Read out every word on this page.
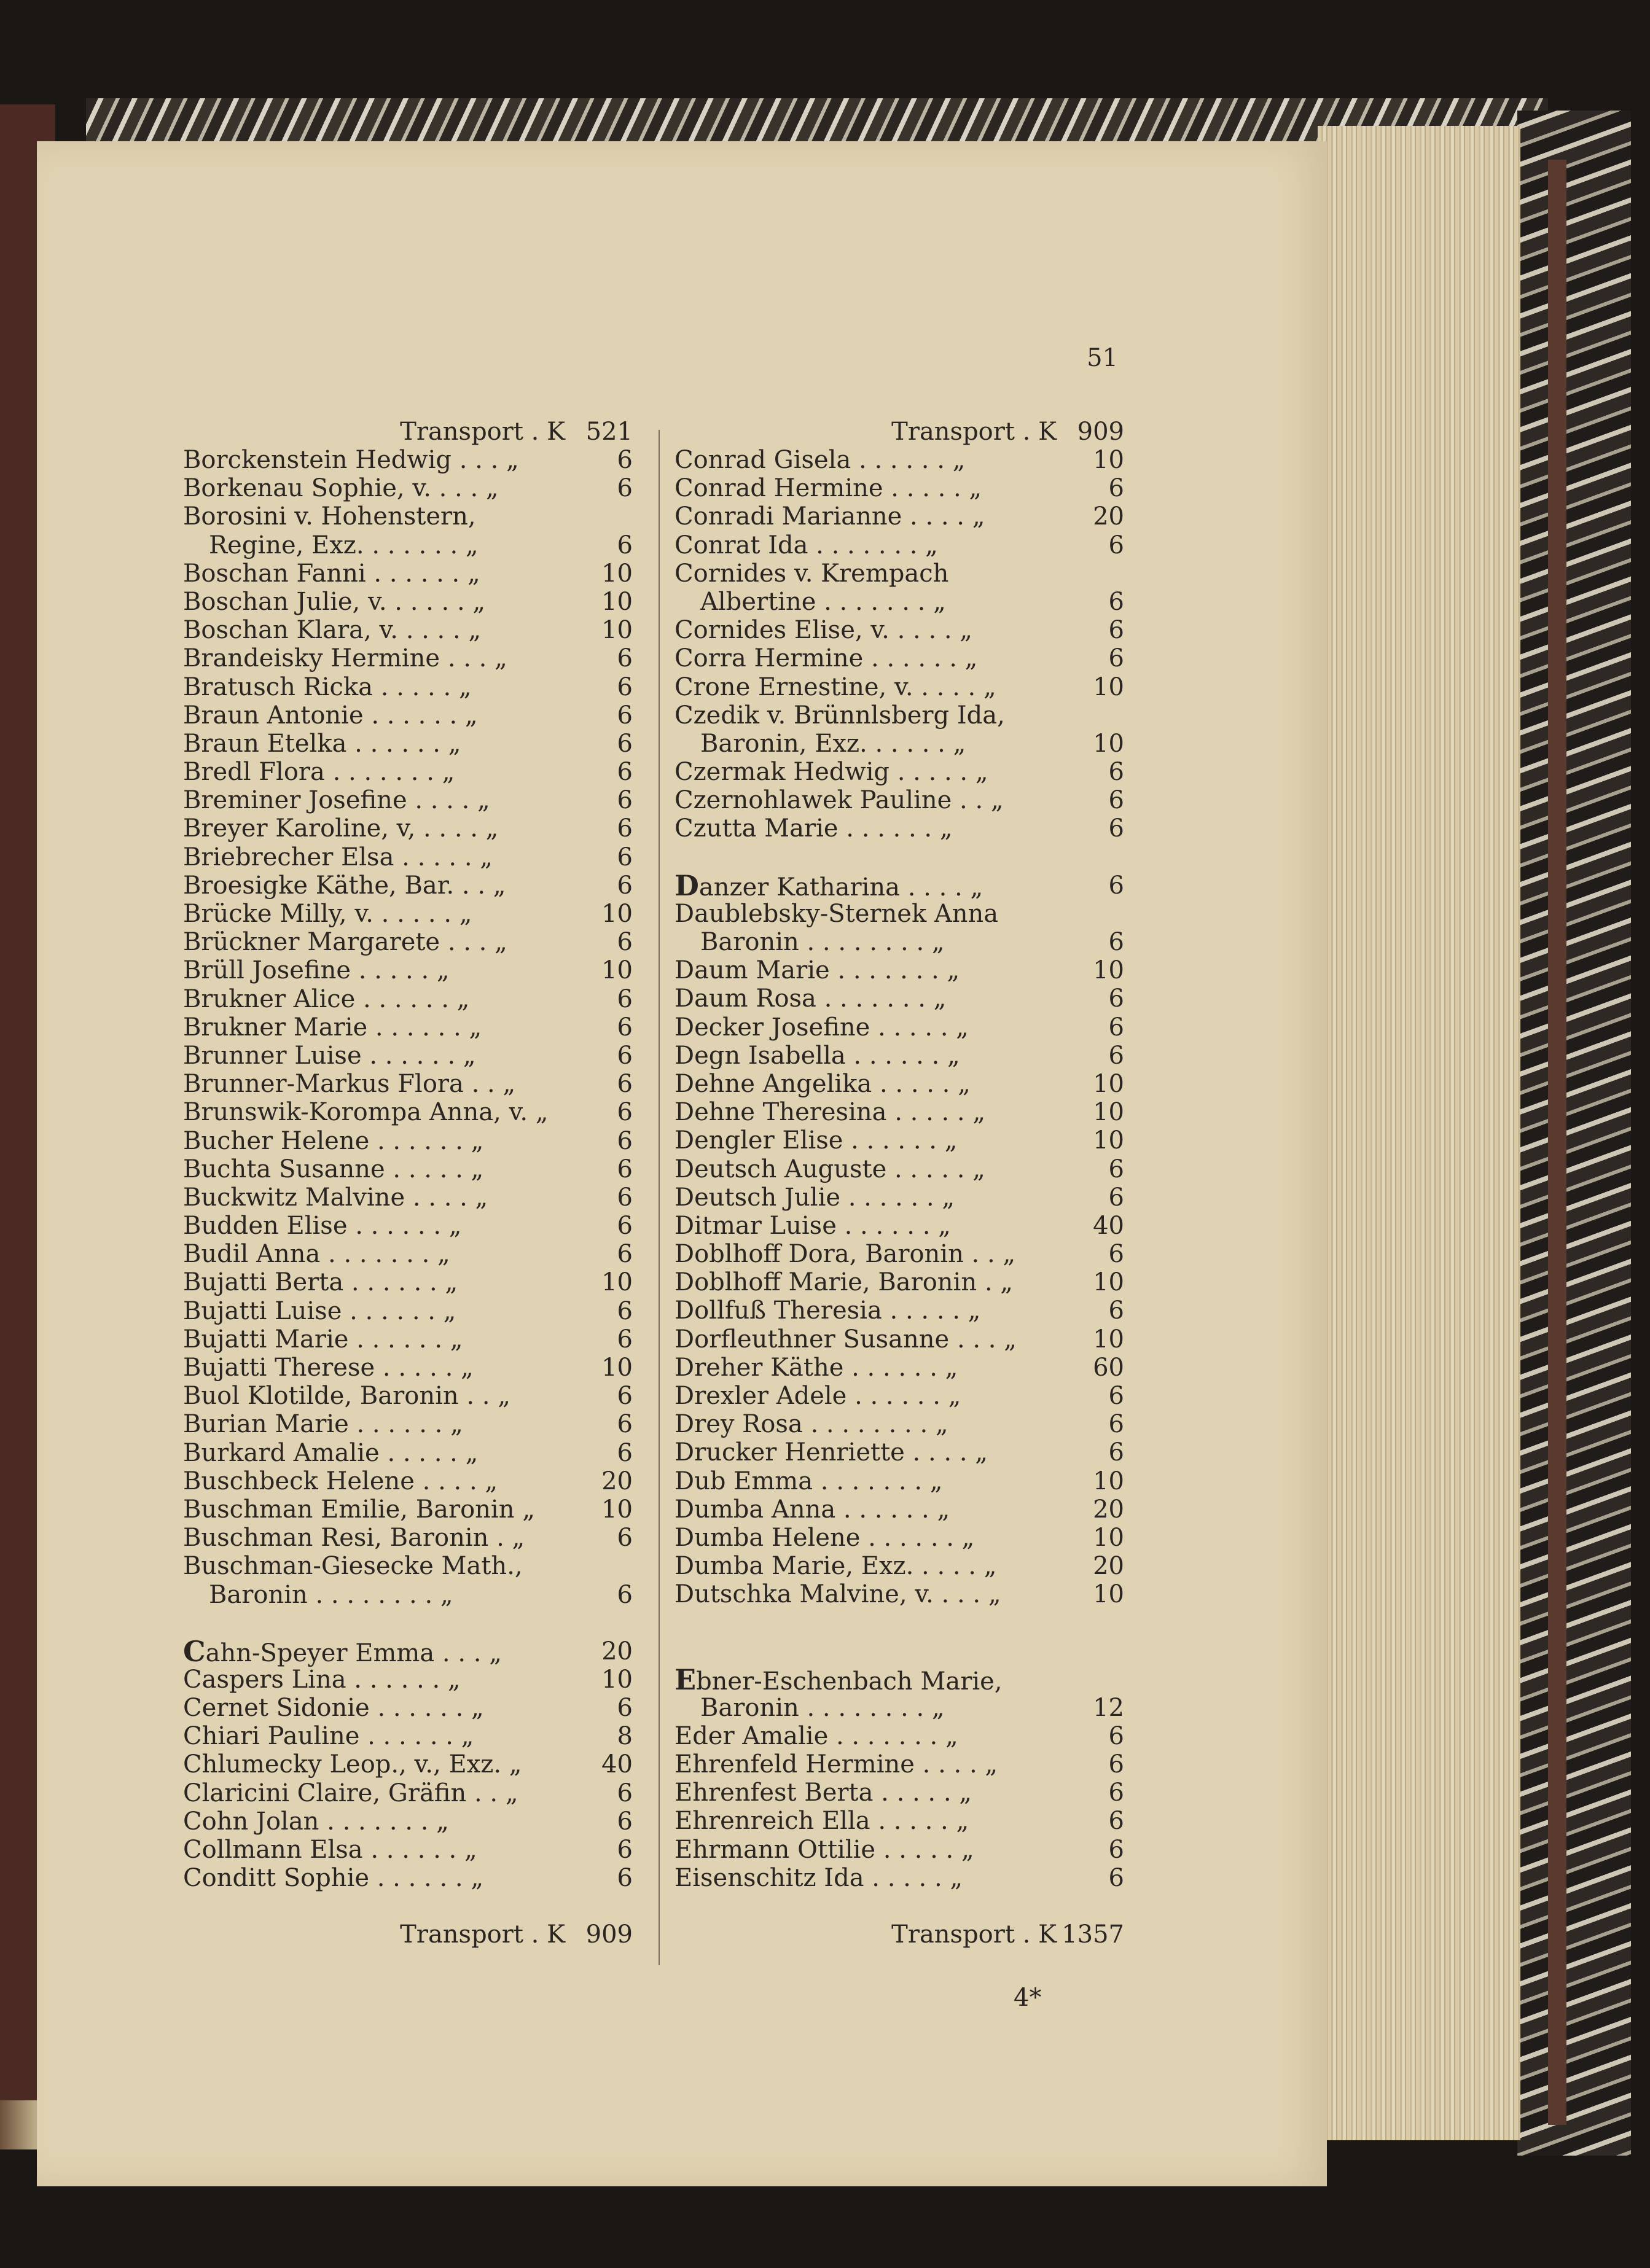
51
Transport . K 521
Borckenstein Hedwig . . . „	6
Borkenau Sophie, v. . . . „	6
Borosini v. Hohenstern,
Regine, Exz. . . . . . . „	6
Boschan Fanni . . . . . . „	10
Boschan Julie, v. . . . . . „	10
Boschan Klara, v. . . . . „	10
Brandeisky Hermine . . . „	6
Bratusch Ricka . . . . . „	6
Braun Antonie . . . . . . „	6
Braun Etelka . . . . . . „	6
Bredl Flora . . . . . . . „	6
Breminer Josefine . . . . „	6
Breyer Karoline, v, . . . . „	6
Briebrecher Elsa . . . . . „	6
Broesigke Käthe, Bar. . . „	6
Brücke Milly, v. . . . . . „	10
Brückner Margarete . . . „	6
Brüll Josefine . . . . . „	10
Brukner Alice . . . . . . „	6
Brukner Marie . . . . . . „	6
Brunner Luise . . . . . . „	6
Brunner-Markus Flora . . „	6
Brunswik-Korompa Anna, v. „	6
Bucher Helene . . . . . . „	6
Buchta Susanne . . . . . „	6
Buckwitz Malvine . . . . „	6
Budden Elise . . . . . . „	6
Budil Anna . . . . . . . „	6
Bujatti Berta . . . . . . „	10
Bujatti Luise . . . . . . „	6
Bujatti Marie . . . . . . „	6
Bujatti Therese . . . . . „	10
Buol Klotilde, Baronin . . „	6
Burian Marie . . . . . . „	6
Burkard Amalie . . . . . „	6
Buschbeck Helene . . . . „	20
Buschman Emilie, Baronin „	10
Buschman Resi, Baronin . „	6
Buschman-Giesecke Math.,
Baronin . . . . . . . . „	6
Cahn-Speyer Emma . . . „	20
Caspers Lina . . . . . . „	10
Cernet Sidonie . . . . . . „	6
Chiari Pauline . . . . . . „	8
Chlumecky Leop., v., Exz. „	40
Claricini Claire, Gräfin . . „	6
Cohn Jolan . . . . . . . „	6
Collmann Elsa . . . . . . „	6
Conditt Sophie . . . . . . „	6
Transport . K 909
Transport . K 909
Conrad Gisela . . . . . . „	10
Conrad Hermine . . . . . „	6
Conradi Marianne . . . . „	20
Conrat Ida . . . . . . . „	6
Cornides v. Krempach
Albertine . . . . . . . „	6
Cornides Elise, v. . . . . „	6
Corra Hermine . . . . . . „	6
Crone Ernestine, v. . . . . „	10
Czedik v. Brünnlsberg Ida,
Baronin, Exz. . . . . . „	10
Czermak Hedwig . . . . . „	6
Czernohlawek Pauline . . „	6
Czutta Marie . . . . . . „	6
Danzer Katharina . . . . „	6
Daublebsky-Sternek Anna
Baronin . . . . . . . . „	6
Daum Marie . . . . . . . „	10
Daum Rosa . . . . . . . „	6
Decker Josefine . . . . . „	6
Degn Isabella . . . . . . „	6
Dehne Angelika . . . . . „	10
Dehne Theresina . . . . . „	10
Dengler Elise . . . . . . „	10
Deutsch Auguste . . . . . „	6
Deutsch Julie . . . . . . „	6
Ditmar Luise . . . . . . „	40
Doblhoff Dora, Baronin . . „	6
Doblhoff Marie, Baronin . „	10
Dollfuß Theresia . . . . . „	6
Dorfleuthner Susanne . . . „	10
Dreher Käthe . . . . . . „	60
Drexler Adele . . . . . . „	6
Drey Rosa . . . . . . . . „	6
Drucker Henriette . . . . „	6
Dub Emma . . . . . . . „	10
Dumba Anna . . . . . . „	20
Dumba Helene . . . . . . „	10
Dumba Marie, Exz. . . . . „	20
Dutschka Malvine, v. . . . „	10
Ebner-Eschenbach Marie,
Baronin . . . . . . . . „	12
Eder Amalie . . . . . . . „	6
Ehrenfeld Hermine . . . . „	6
Ehrenfest Berta . . . . . „	6
Ehrenreich Ella . . . . . „	6
Ehrmann Ottilie . . . . . „	6
Eisenschitz Ida . . . . . „	6
Transport . K 1357
4*
